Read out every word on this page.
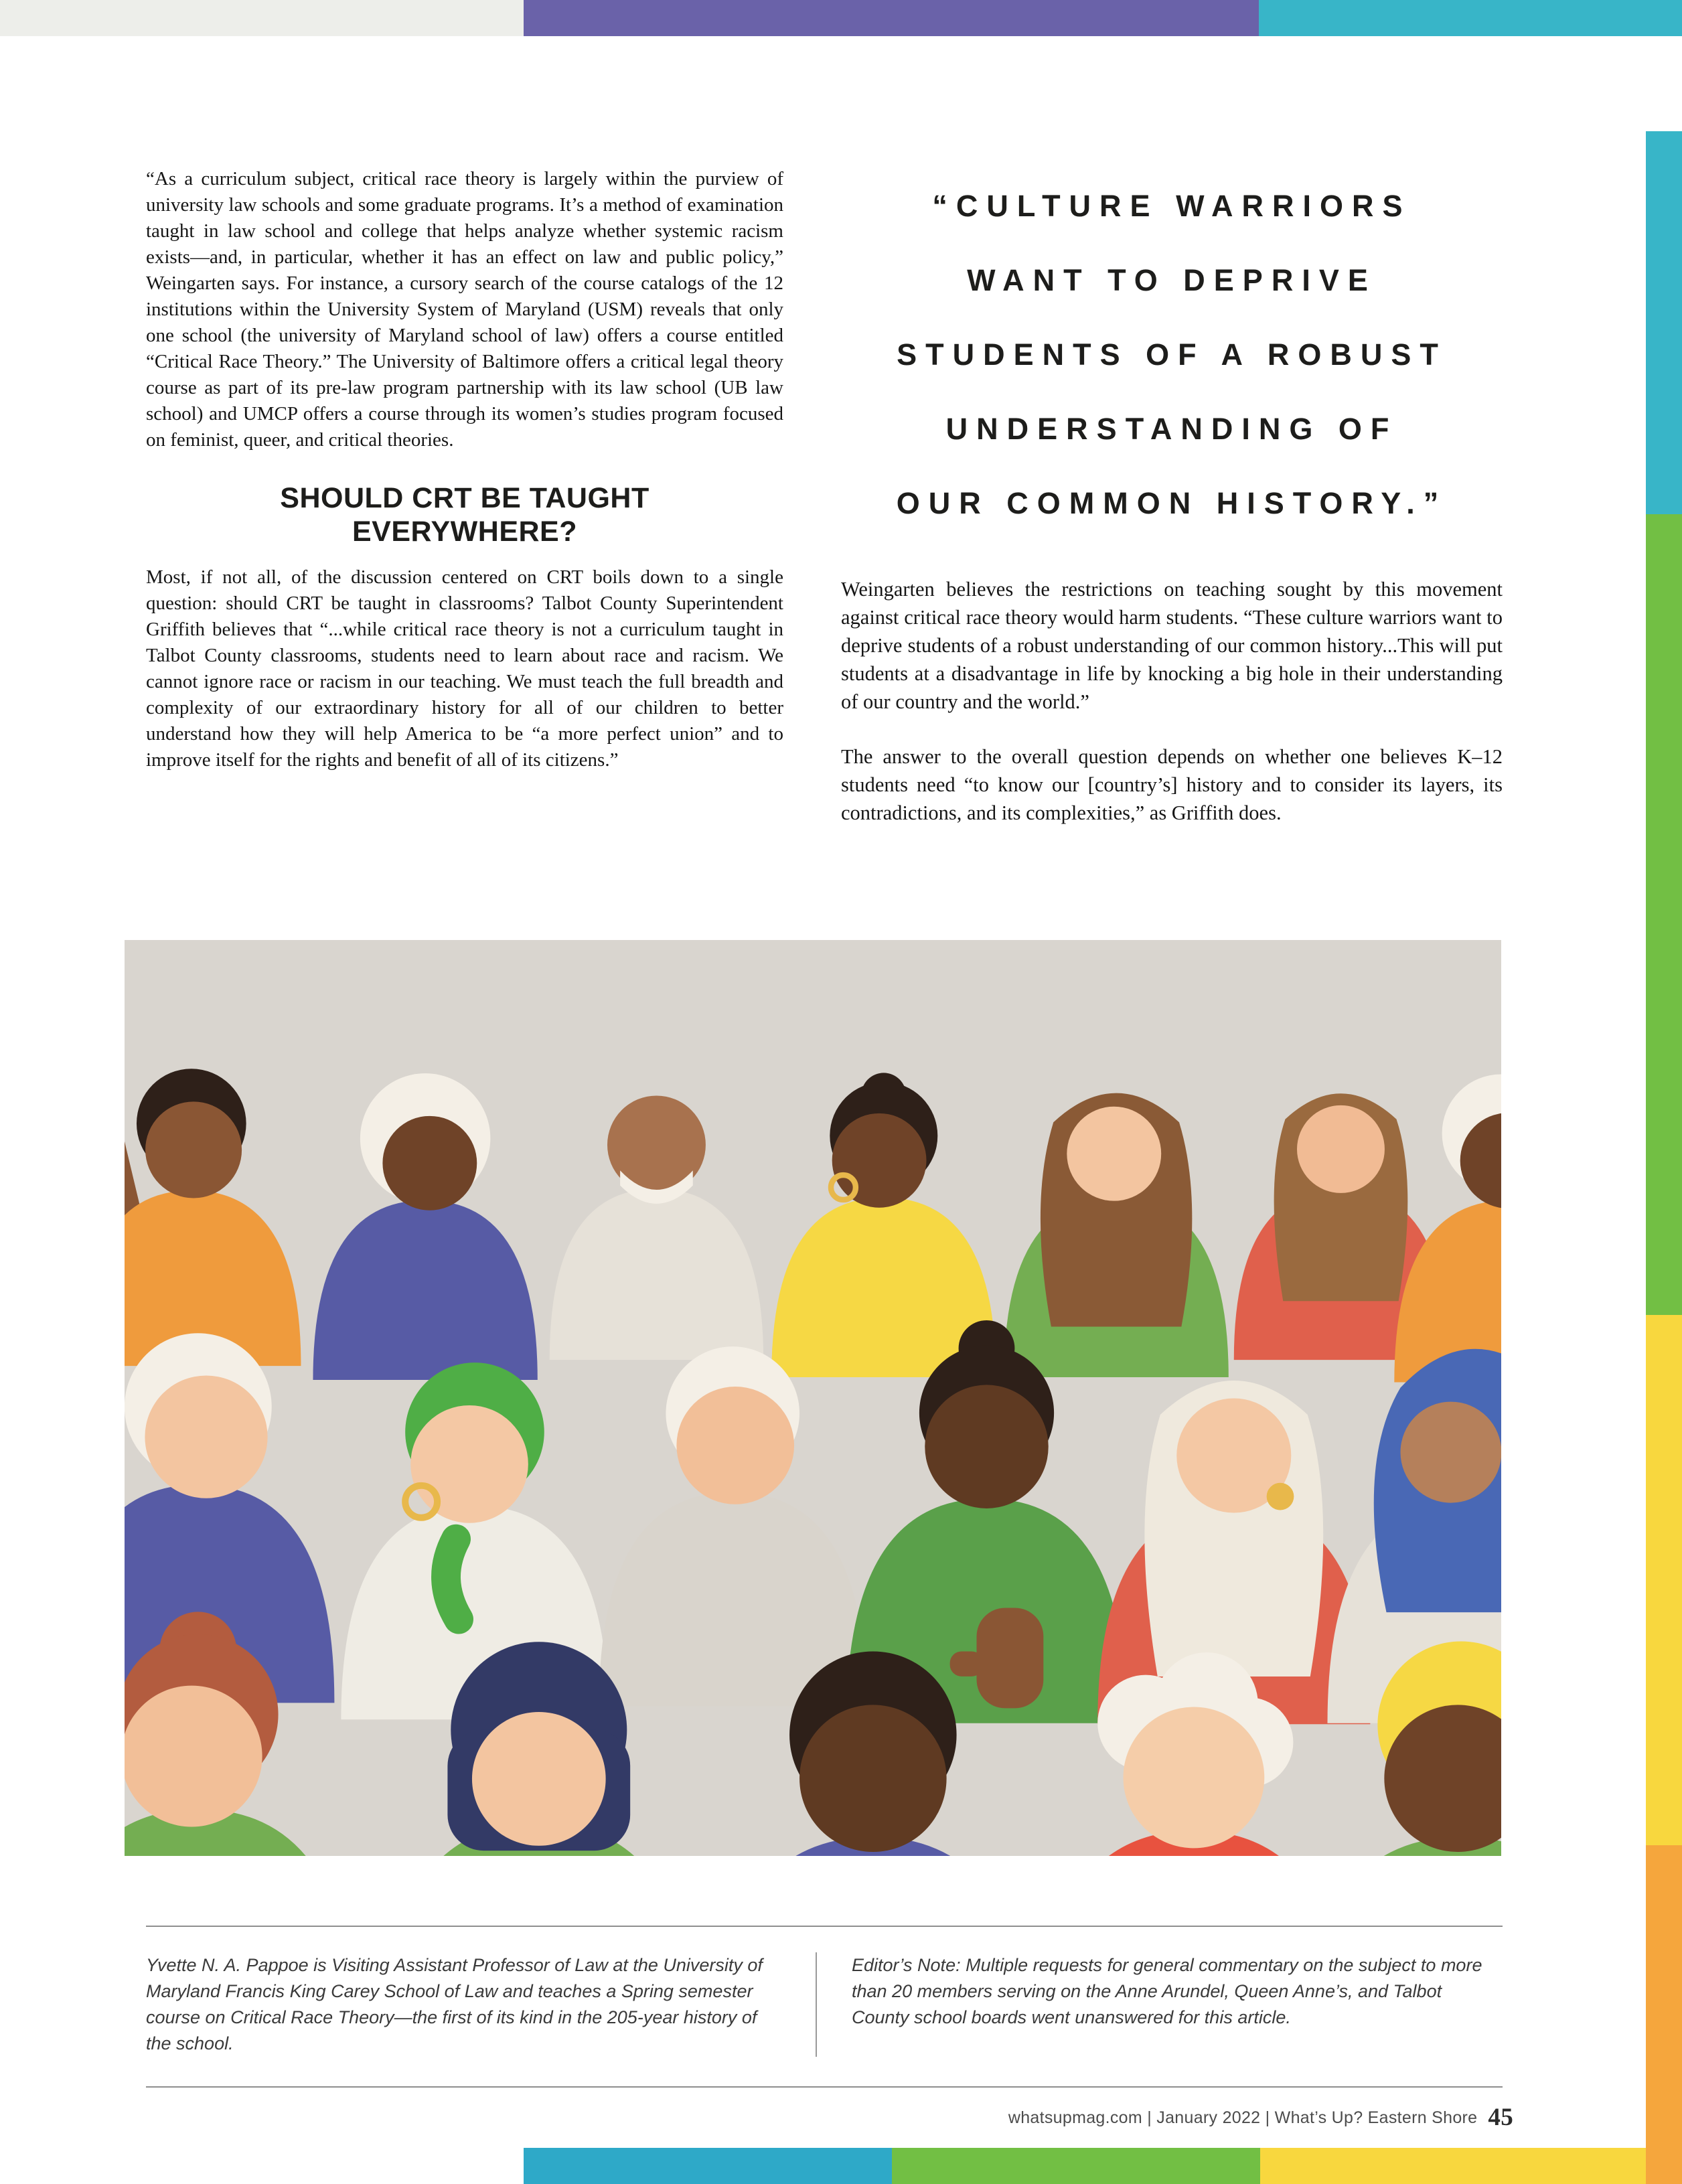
“As a curriculum subject, critical race theory is largely within the purview of university law schools and some graduate programs. It’s a method of examination taught in law school and college that helps analyze whether systemic racism exists—and, in particular, whether it has an effect on law and public policy,” Weingarten says. For instance, a cursory search of the course catalogs of the 12 institutions within the University System of Maryland (USM) reveals that only one school (the university of Maryland school of law) offers a course entitled “Critical Race Theory.” The University of Baltimore offers a critical legal theory course as part of its pre-law program partnership with its law school (UB law school) and UMCP offers a course through its women’s studies program focused on feminist, queer, and critical theories.

SHOULD CRT BE TAUGHT EVERYWHERE?

Most, if not all, of the discussion centered on CRT boils down to a single question: should CRT be taught in classrooms? Talbot County Superintendent Griffith believes that “...while critical race theory is not a curriculum taught in Talbot County classrooms, students need to learn about race and racism. We cannot ignore race or racism in our teaching. We must teach the full breadth and complexity of our extraordinary history for all of our children to better understand how they will help America to be “a more perfect union” and to improve itself for the rights and benefit of all of its citizens.”

“CULTURE WARRIORS
WANT TO DEPRIVE
STUDENTS OF A ROBUST
UNDERSTANDING OF
OUR COMMON HISTORY.”

Weingarten believes the restrictions on teaching sought by this movement against critical race theory would harm students. “These culture warriors want to deprive students of a robust understanding of our common history...This will put students at a disadvantage in life by knocking a big hole in their understanding of our country and the world.”

The answer to the overall question depends on whether one believes K–12 students need “to know our [country’s] history and to consider its layers, its contradictions, and its complexities,” as Griffith does.

Yvette N. A. Pappoe is Visiting Assistant Professor of Law at the University of Maryland Francis King Carey School of Law and teaches a Spring semester course on Critical Race Theory—the first of its kind in the 205-year history of the school.
Editor’s Note: Multiple requests for general commentary on the subject to more than 20 members serving on the Anne Arundel, Queen Anne’s, and Talbot County school boards went unanswered for this article.
whatsupmag.com | January 2022 | What’s Up? Eastern Shore 45
